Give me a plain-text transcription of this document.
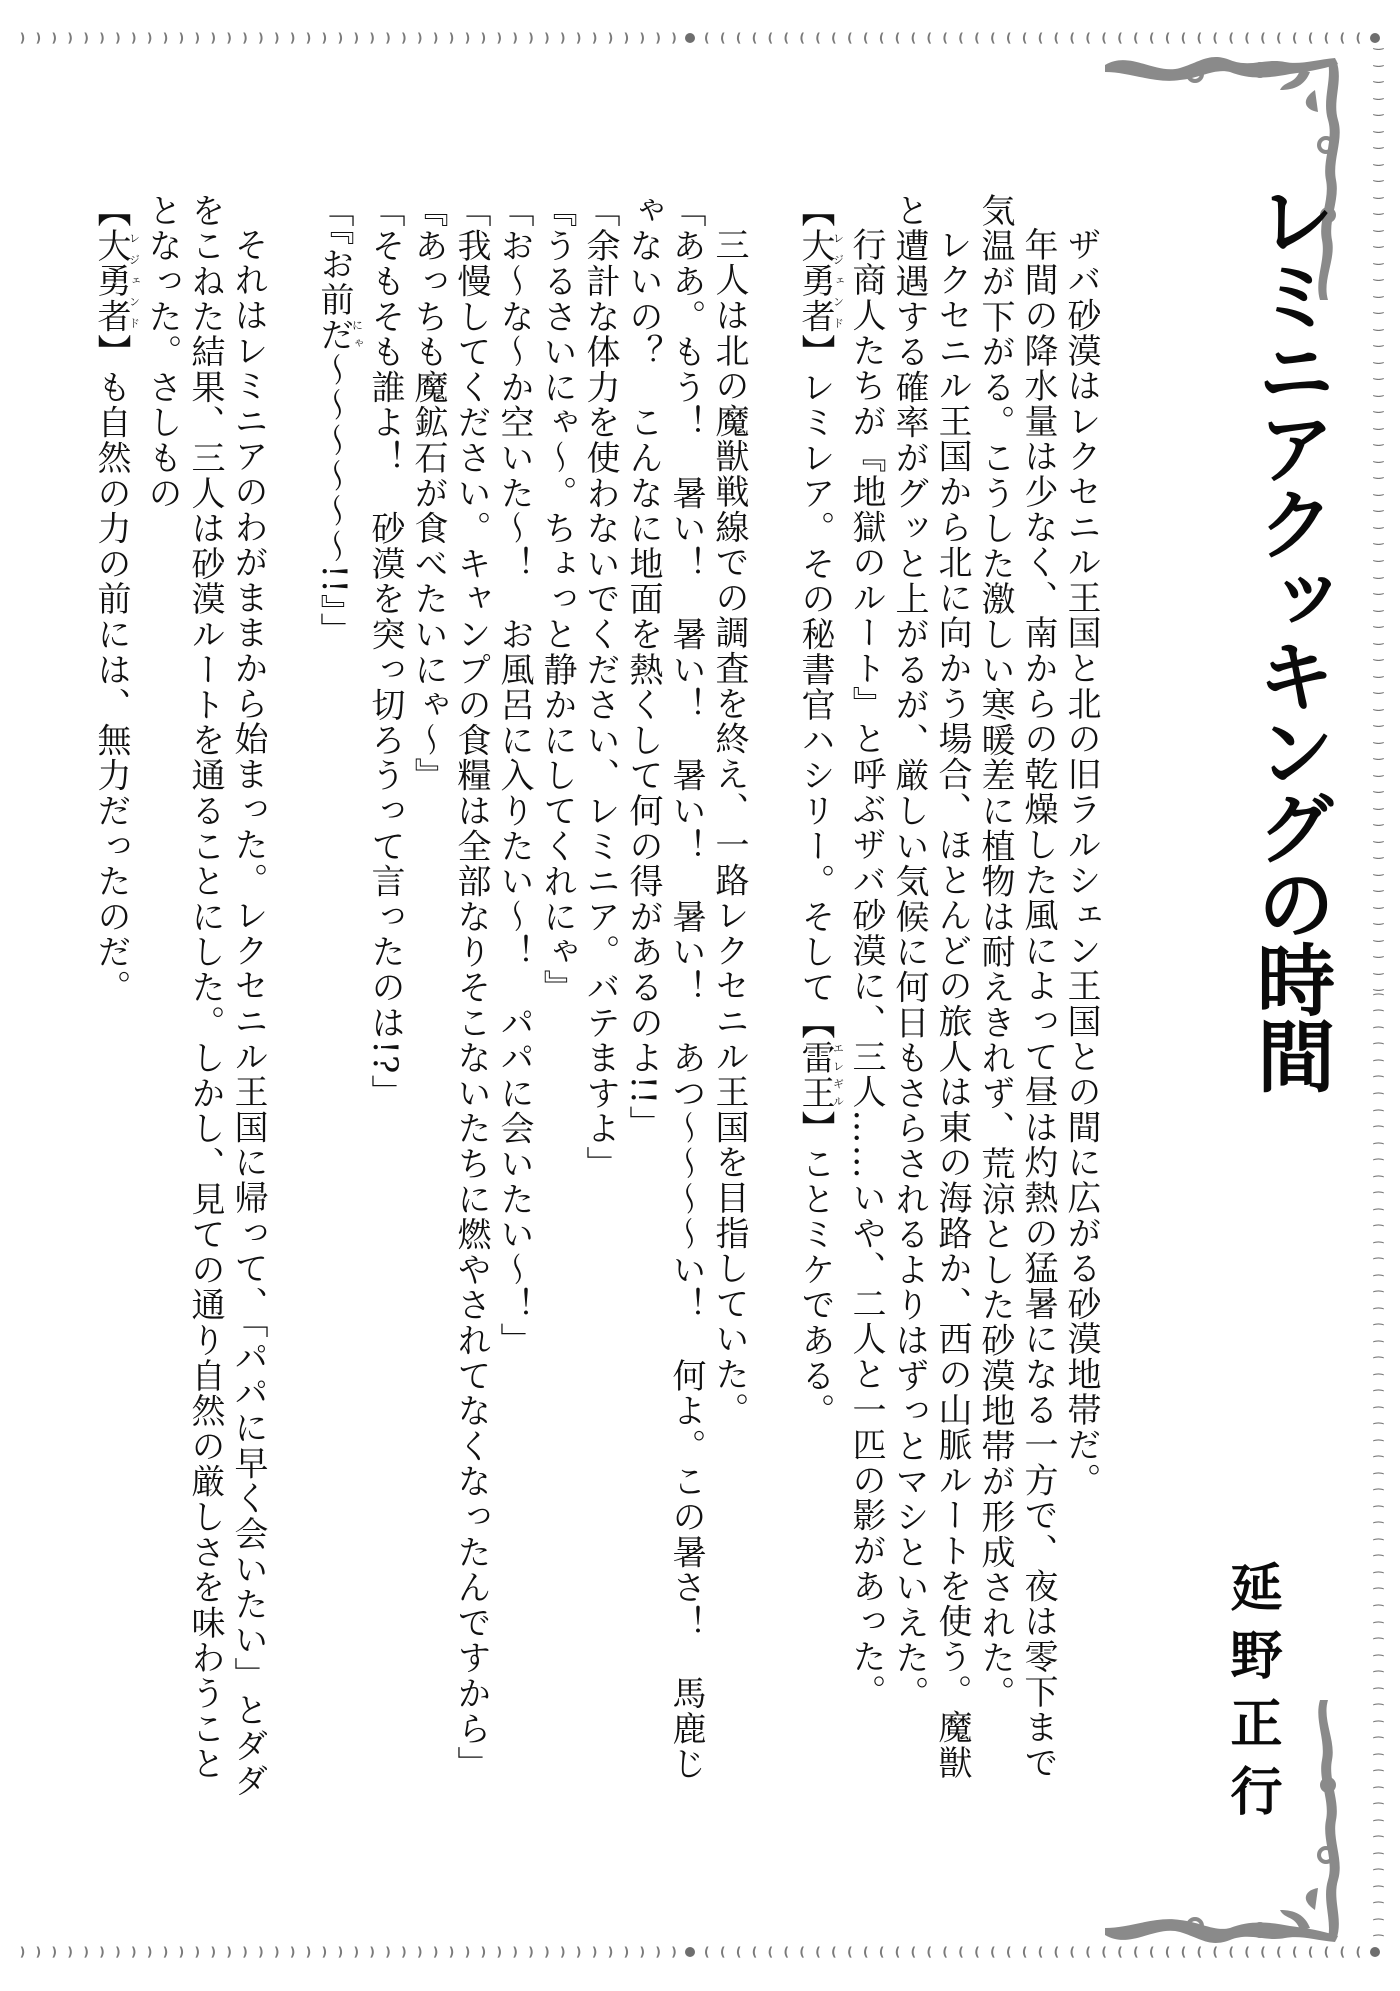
) ) ) ) ) ) ) ) ) ) ) ) ) ) ) ) ) ) ) ) ) ) ) ) ) ) ) ) ) ) ) ) ) ) ) ) ) ) ) ) ) ) ( ( ( ( ( ( ( ( ( ( ( ( ( ( ( ( ( ( ( ( ( ( ( ( ( ( ( ( ( ( ( ( ( ( ( ( ( ( ( ( ( (
) ) ) ) ) ) ) ) ) ) ) ) ) ) ) ) ) ) ) ) ) ) ) ) ) ) ) ) ) ) ) ) ) ) ) ) ) ) ) ) ) ) ( ( ( ( ( ( ( ( ( ( ( ( ( ( ( ( ( ( ( ( ( ( ( ( ( ( ( ( ( ( ( ( ( ( ( ( ( ( ( ( ( (
‿
‿
‿
‿
‿
‿
‿
‿
‿
‿
‿
‿
‿
‿
‿
‿
‿
‿
‿
‿
‿
‿
‿
‿
‿
‿
‿
‿
‿
‿
‿
‿
‿
‿
‿
‿
‿
‿
‿
‿
‿
‿
‿
‿
‿
‿
‿
‿
‿
‿
‿
‿
‿
‿
‿
‿
‿
‿
⁀
⁀
⁀
⁀
⁀
⁀
⁀
⁀
⁀
⁀
⁀
⁀
⁀
⁀
⁀
⁀
⁀
⁀
⁀
⁀
⁀
⁀
⁀
⁀
⁀
⁀
⁀
⁀
⁀
⁀
⁀
⁀
⁀
⁀
⁀
⁀
⁀
⁀
⁀
⁀
⁀
⁀
⁀
⁀
⁀
⁀
⁀
⁀
⁀
⁀
⁀
⁀
⁀
⁀
⁀
⁀
⁀
⁀
レミニアクッキングの時間
延野正行

ザバ砂漠はレクセニル王国と北の旧ラルシェン王国との間に広がる砂漠地帯だ。

年間の降水量は少なく、南からの乾燥した風によって昼は灼熱の猛暑になる一方で、夜は零下まで気温が下がる。こうした激しい寒暖差に植物は耐えきれず、荒涼とした砂漠地帯が形成された。

レクセニル王国から北に向かう場合、ほとんどの旅人は東の海路か、西の山脈ルートを使う。魔獣と遭遇する確率がグッと上がるが、厳しい気候に何日もさらされるよりはずっとマシといえた。

行商人たちが『地獄のルート』と呼ぶザバ砂漠に、三人……いや、二人と一匹の影があった。

【大勇者レジェンド】レミレア。その秘書官ハシリー。そして【雷王エレギル】ことミケである。

三人は北の魔獣戦線での調査を終え、一路レクセニル王国を目指していた。

「ああ。もう！　暑い！　暑い！　暑い！　暑い！　あつ〜〜〜〜い！　何よ。この暑さ！　馬鹿じゃないの？　こんなに地面を熱くして何の得があるのよ!!」

「余計な体力を使わないでください、レミニア。バテますよ」

『うるさいにゃ〜。ちょっと静かにしてくれにゃ』

「お〜な〜か空いた〜！　お風呂に入りたい〜！　パパに会いたい〜！」

「我慢してください。キャンプの食糧は全部なりそこないたちに燃やされてなくなったんですから」

『あっちも魔鉱石が食べたいにゃ〜』

「そもそも誰よ！　砂漠を突っ切ろうって言ったのは!?」

「『お前だにゃ〜〜〜〜〜〜!!』」

それはレミニアのわがままから始まった。レクセニル王国に帰って、「パパに早く会いたい」とダダをこねた結果、三人は砂漠ルートを通ることにした。しかし、見ての通り自然の厳しさを味わうこととなった。さしもの

【大勇者レジェンド】も自然の力の前には、無力だったのだ。
